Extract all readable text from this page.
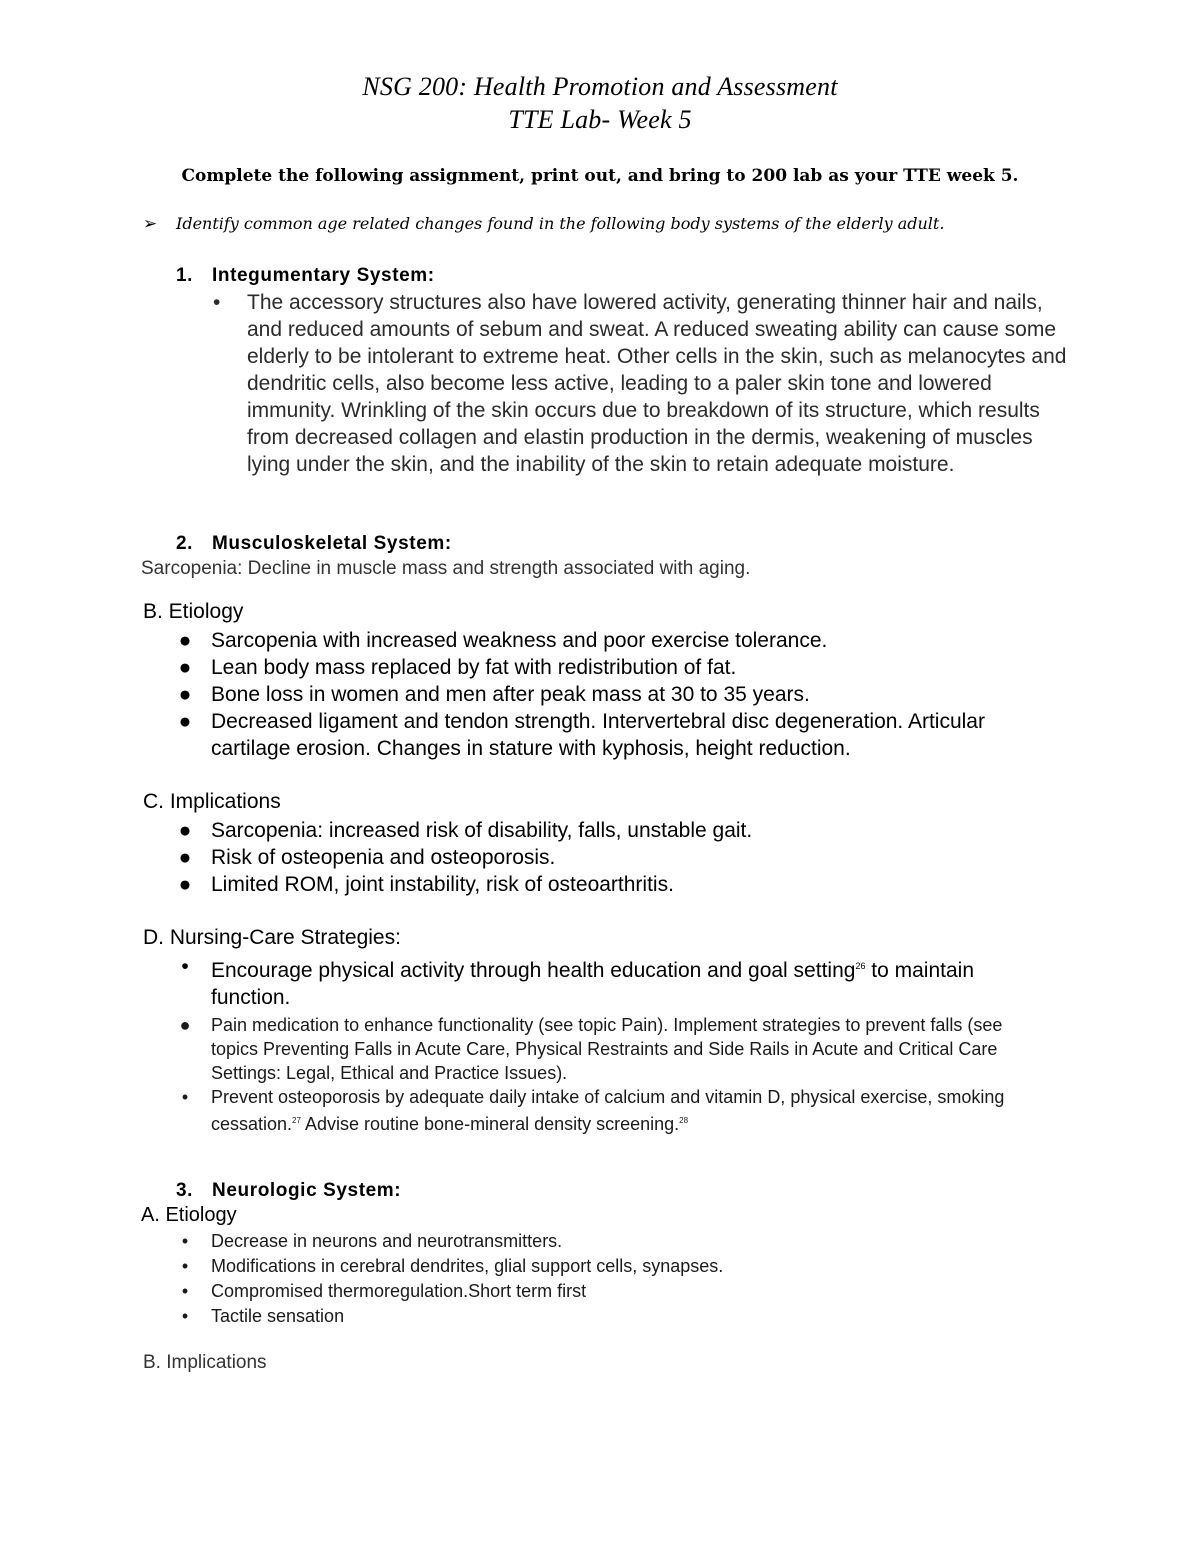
NSG 200: Health Promotion and Assessment
TTE Lab- Week 5
Complete the following assignment, print out, and bring to 200 lab as your TTE week 5.
➢ Identify common age related changes found in the following body systems of the elderly adult.
1. Integumentary System:
• The accessory structures also have lowered activity, generating thinner hair and nails, and reduced amounts of sebum and sweat. A reduced sweating ability can cause some elderly to be intolerant to extreme heat. Other cells in the skin, such as melanocytes and dendritic cells, also become less active, leading to a paler skin tone and lowered immunity. Wrinkling of the skin occurs due to breakdown of its structure, which results from decreased collagen and elastin production in the dermis, weakening of muscles lying under the skin, and the inability of the skin to retain adequate moisture.
2. Musculoskeletal System:
Sarcopenia: Decline in muscle mass and strength associated with aging.
B. Etiology
● Sarcopenia with increased weakness and poor exercise tolerance.
● Lean body mass replaced by fat with redistribution of fat.
● Bone loss in women and men after peak mass at 30 to 35 years.
● Decreased ligament and tendon strength. Intervertebral disc degeneration. Articular cartilage erosion. Changes in stature with kyphosis, height reduction.
C. Implications
● Sarcopenia: increased risk of disability, falls, unstable gait.
● Risk of osteopenia and osteoporosis.
● Limited ROM, joint instability, risk of osteoarthritis.
D. Nursing-Care Strategies:
•	Encourage physical activity through health education and goal setting$^{26}$ to maintain function.
● Pain medication to enhance functionality (see topic Pain). Implement strategies to prevent falls (see topics Preventing Falls in Acute Care, Physical Restraints and Side Rails in Acute and Critical Care Settings: Legal, Ethical and Practice Issues).
•	Prevent osteoporosis by adequate daily intake of calcium and vitamin D, physical exercise, smoking cessation.$^{27}$ Advise routine bone-mineral density screening.$^{28}$
3. Neurologic System:
A. Etiology
•	Decrease in neurons and neurotransmitters.
•	Modifications in cerebral dendrites, glial support cells, synapses.
•	Compromised thermoregulation.Short term first
•	Tactile sensation
B. Implications
